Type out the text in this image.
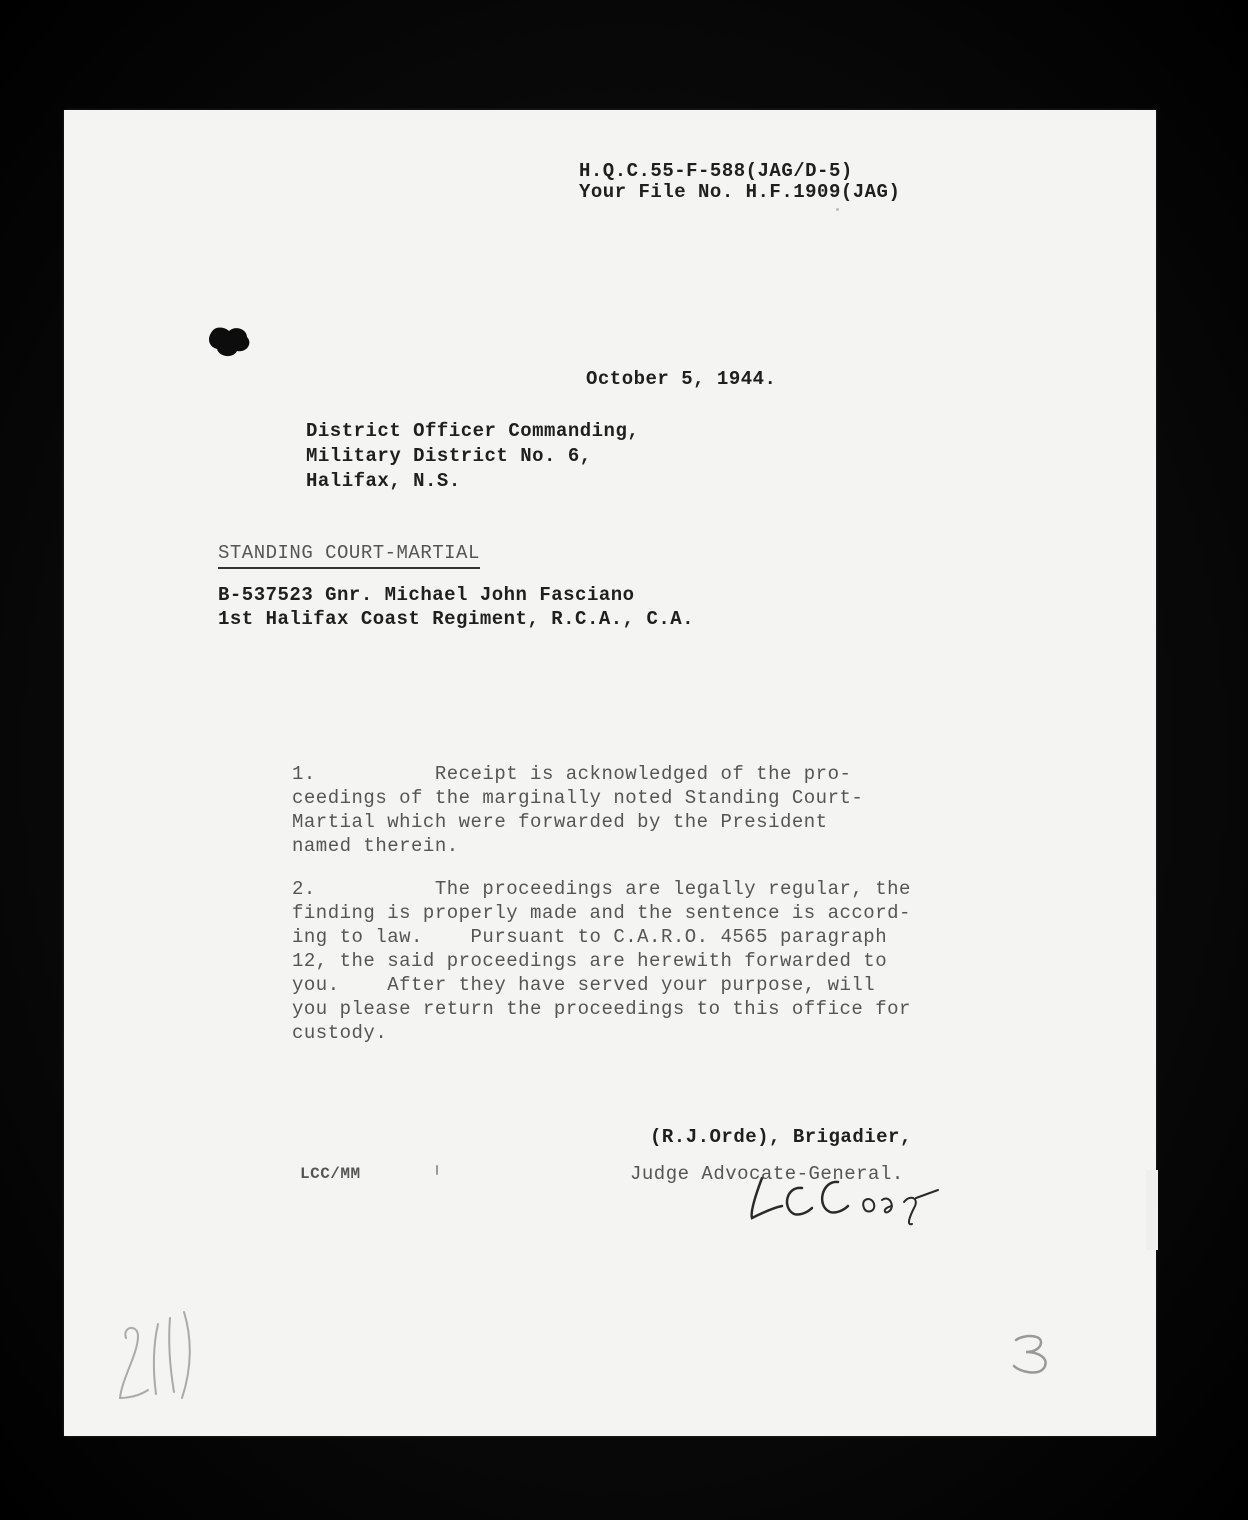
H.Q.C.55-F-588(JAG/D-5)
Your File No. H.F.1909(JAG)
October 5, 1944.
District Officer Commanding,
Military District No. 6,
Halifax, N.S.
STANDING COURT-MARTIAL
B-537523 Gnr. Michael John Fasciano
1st Halifax Coast Regiment, R.C.A., C.A.
1.          Receipt is acknowledged of the pro-
ceedings of the marginally noted Standing Court-
Martial which were forwarded by the President
named therein.
2.          The proceedings are legally regular, the
finding is properly made and the sentence is accord-
ing to law.    Pursuant to C.A.R.O. 4565 paragraph
12, the said proceedings are herewith forwarded to
you.    After they have served your purpose, will
you please return the proceedings to this office for
custody.
(R.J.Orde), Brigadier,
Judge Advocate-General.
LCC/MM
